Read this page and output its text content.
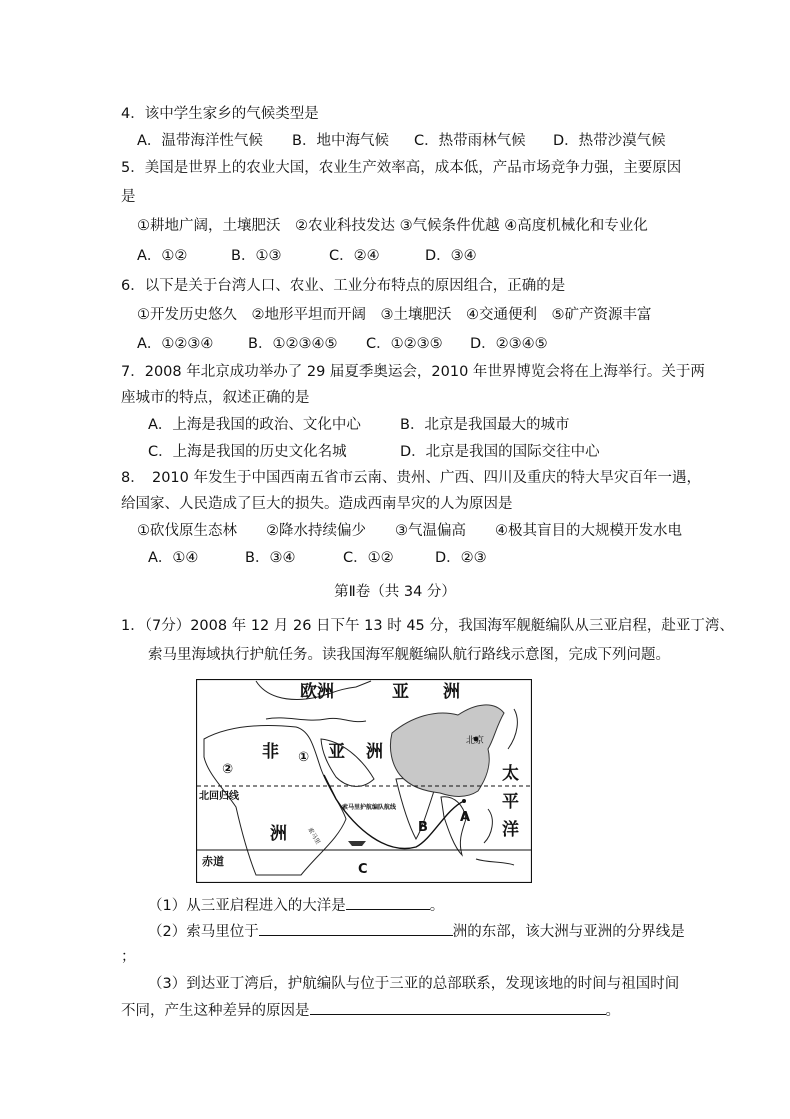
4．该中学生家乡的气候类型是
A．温带海洋性气候 B．地中海气候 C．热带雨林气候 D．热带沙漠气候
5．美国是世界上的农业大国，农业生产效率高，成本低，产品市场竞争力强，主要原因
是
①耕地广阔，土壤肥沃　②农业科技发达 ③气候条件优越 ④高度机械化和专业化
A．①②	B．①③	C．②④	D．③④
6．以下是关于台湾人口、农业、工业分布特点的原因组合，正确的是
①开发历史悠久　②地形平坦而开阔　③土壤肥沃　④交通便利　⑤矿产资源丰富
A．①②③④ B．①②③④⑤ C．①②③⑤ D．②③④⑤
7．2008 年北京成功举办了 29 届夏季奥运会，2010 年世界博览会将在上海举行。关于两
座城市的特点，叙述正确的是
A．上海是我国的政治、文化中心	B．北京是我国最大的城市
C．上海是我国的历史文化名城	D．北京是我国的国际交往中心
8．　2010 年发生于中国西南五省市云南、贵州、广西、四川及重庆的特大旱灾百年一遇，
给国家、人民造成了巨大的损失。造成西南旱灾的人为原因是
①砍伐原生态林　　②降水持续偏少　　③气温偏高　　④极其盲目的大规模开发水电
A．①④	B．③④	C．①②	D．②③
第Ⅱ卷（共 34 分）
1．（7分）2008 年 12 月 26 日下午 13 时 45 分，我国海军舰艇编队从三亚启程，赴亚丁湾、
索马里海域执行护航任务。读我国海军舰艇编队航行路线示意图，完成下列问题。
欧洲	亚　　洲
非	亚 洲
洲
②
①
太
平
洋
北京
北回归线
赤道
A
B
C
索马里护航编队航线
索马里
（1）从三亚启程进入的大洋是	。
（2）索马里位于	洲的东部，该大洲与亚洲的分界线是
；
（3）到达亚丁湾后，护航编队与位于三亚的总部联系，发现该地的时间与祖国时间
不同，产生这种差异的原因是	。
